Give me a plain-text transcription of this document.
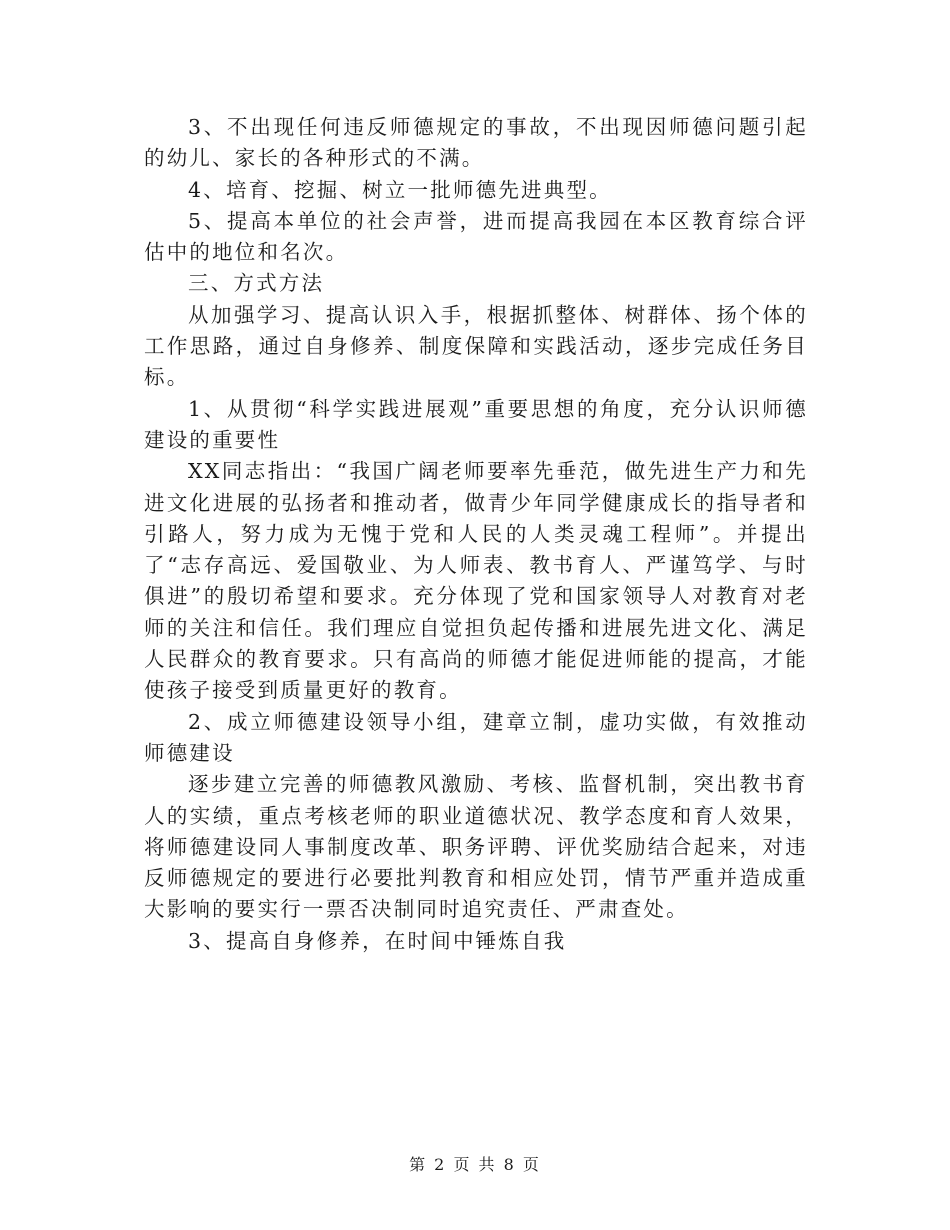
3、不出现任何违反师德规定的事故，不出现因师德问题引起的幼儿、家长的各种形式的不满。

4、培育、挖掘、树立一批师德先进典型。

5、提高本单位的社会声誉，进而提高我园在本区教育综合评估中的地位和名次。

三、方式方法

从加强学习、提高认识入手，根据抓整体、树群体、扬个体的工作思路，通过自身修养、制度保障和实践活动，逐步完成任务目标。

1、从贯彻“科学实践进展观”重要思想的角度，充分认识师德建设的重要性

XX同志指出：“我国广阔老师要率先垂范，做先进生产力和先进文化进展的弘扬者和推动者，做青少年同学健康成长的指导者和引路人，努力成为无愧于党和人民的人类灵魂工程师”。并提出了“志存高远、爱国敬业、为人师表、教书育人、严谨笃学、与时俱进”的殷切希望和要求。充分体现了党和国家领导人对教育对老师的关注和信任。我们理应自觉担负起传播和进展先进文化、满足人民群众的教育要求。只有高尚的师德才能促进师能的提高，才能使孩子接受到质量更好的教育。

2、成立师德建设领导小组，建章立制，虚功实做，有效推动师德建设

逐步建立完善的师德教风激励、考核、监督机制，突出教书育人的实绩，重点考核老师的职业道德状况、教学态度和育人效果，将师德建设同人事制度改革、职务评聘、评优奖励结合起来，对违反师德规定的要进行必要批判教育和相应处罚，情节严重并造成重大影响的要实行一票否决制同时追究责任、严肃查处。

3、提高自身修养，在时间中锤炼自我

第 2 页 共 8 页
